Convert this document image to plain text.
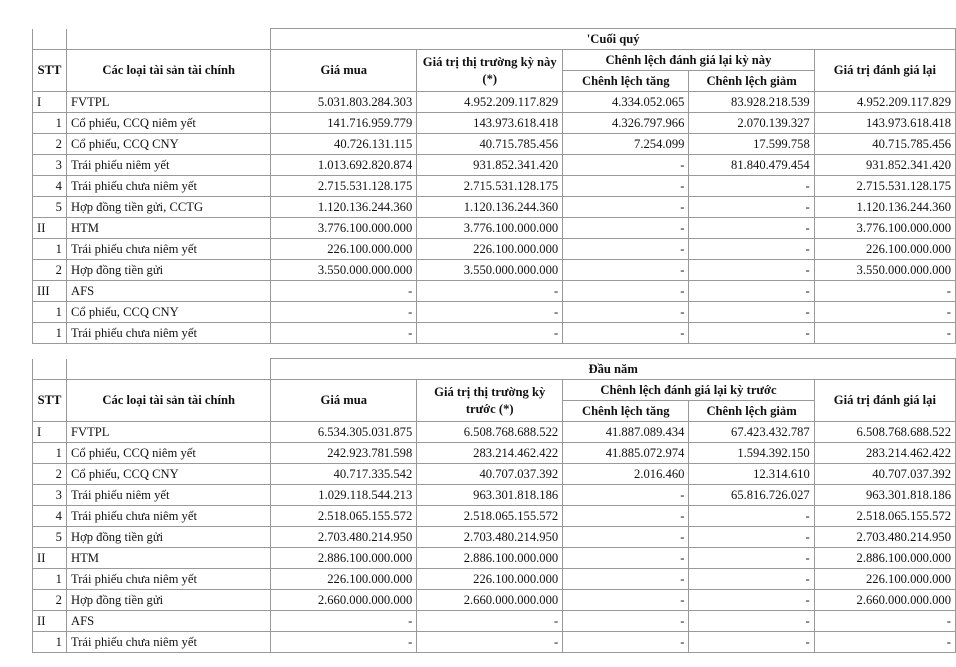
		'Cuối quý				
STT	Các loại tài sản tài chính	Giá mua	Giá trị thị trường kỳ này (*)	Chênh lệch đánh giá lại kỳ này		Giá trị đánh giá lại
				Chênh lệch tăng	Chênh lệch giảm	
I	FVTPL	5.031.803.284.303	4.952.209.117.829	4.334.052.065	83.928.218.539	4.952.209.117.829
1	Cổ phiếu, CCQ niêm yết	141.716.959.779	143.973.618.418	4.326.797.966	2.070.139.327	143.973.618.418
2	Cổ phiếu, CCQ CNY	40.726.131.115	40.715.785.456	7.254.099	17.599.758	40.715.785.456
3	Trái phiếu niêm yết	1.013.692.820.874	931.852.341.420	-	81.840.479.454	931.852.341.420
4	Trái phiếu chưa niêm yết	2.715.531.128.175	2.715.531.128.175	-	-	2.715.531.128.175
5	Hợp đồng tiền gửi, CCTG	1.120.136.244.360	1.120.136.244.360	-	-	1.120.136.244.360
II	HTM	3.776.100.000.000	3.776.100.000.000	-	-	3.776.100.000.000
1	Trái phiếu chưa niêm yết	226.100.000.000	226.100.000.000	-	-	226.100.000.000
2	Hợp đồng tiền gửi	3.550.000.000.000	3.550.000.000.000	-	-	3.550.000.000.000
III	AFS	-	-	-	-	-
1	Cổ phiếu, CCQ CNY	-	-	-	-	-
1	Trái phiếu chưa niêm yết	-	-	-	-	-
		Đầu năm				
STT	Các loại tài sản tài chính	Giá mua	Giá trị thị trường kỳ trước (*)	Chênh lệch đánh giá lại kỳ trước		Giá trị đánh giá lại
				Chênh lệch tăng	Chênh lệch giảm	
I	FVTPL	6.534.305.031.875	6.508.768.688.522	41.887.089.434	67.423.432.787	6.508.768.688.522
1	Cổ phiếu, CCQ niêm yết	242.923.781.598	283.214.462.422	41.885.072.974	1.594.392.150	283.214.462.422
2	Cổ phiếu, CCQ CNY	40.717.335.542	40.707.037.392	2.016.460	12.314.610	40.707.037.392
3	Trái phiếu niêm yết	1.029.118.544.213	963.301.818.186	-	65.816.726.027	963.301.818.186
4	Trái phiếu chưa niêm yết	2.518.065.155.572	2.518.065.155.572	-	-	2.518.065.155.572
5	Hợp đồng tiền gửi	2.703.480.214.950	2.703.480.214.950	-	-	2.703.480.214.950
II	HTM	2.886.100.000.000	2.886.100.000.000	-	-	2.886.100.000.000
1	Trái phiếu chưa niêm yết	226.100.000.000	226.100.000.000	-	-	226.100.000.000
2	Hợp đồng tiền gửi	2.660.000.000.000	2.660.000.000.000	-	-	2.660.000.000.000
II	AFS	-	-	-	-	-
1	Trái phiếu chưa niêm yết	-	-	-	-	-
